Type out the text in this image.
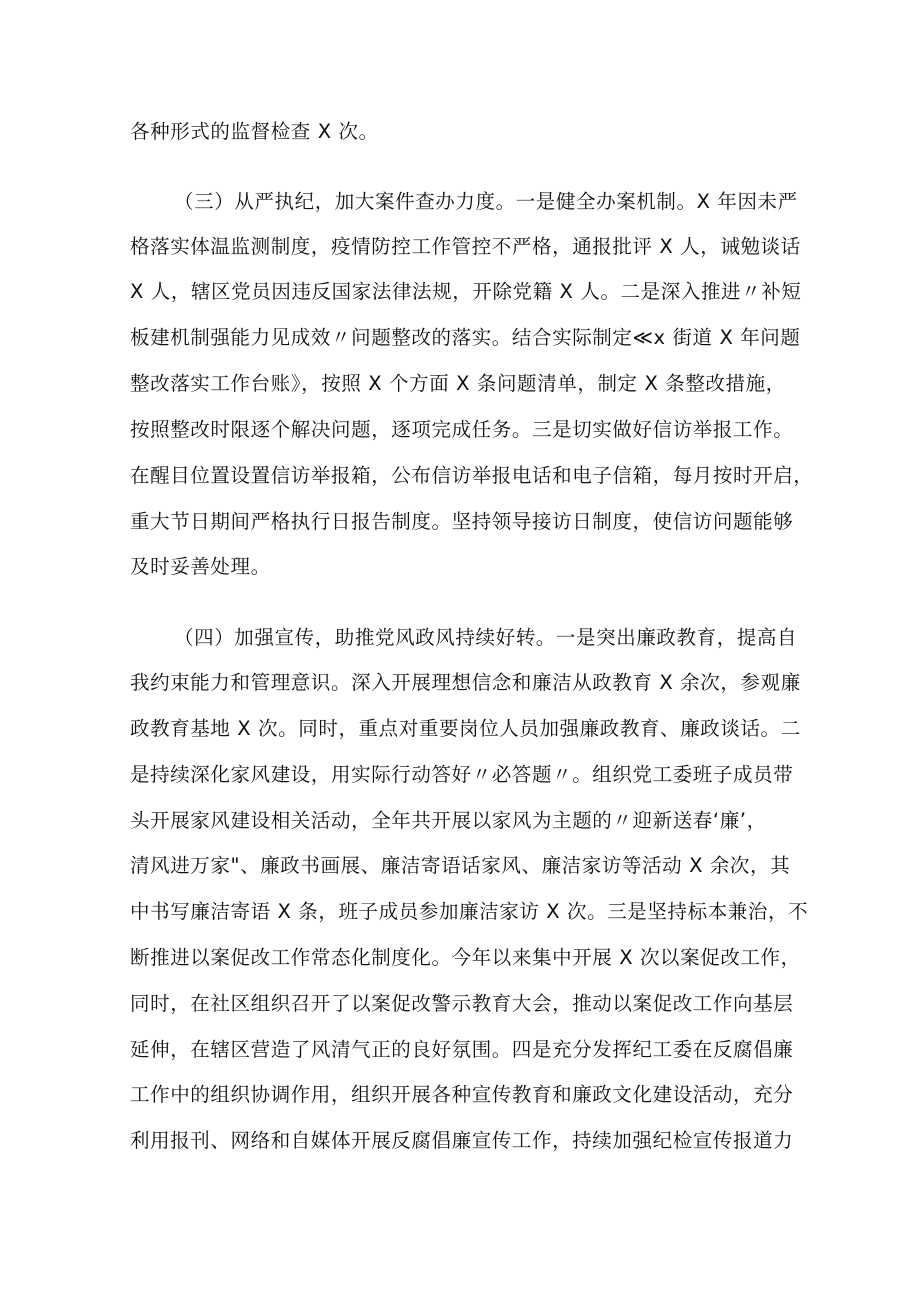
各种形式的监督检查 X 次。
（三）从严执纪，加大案件查办力度。一是健全办案机制。X 年因未严
格落实体温监测制度，疫情防控工作管控不严格，通报批评 X 人，诫勉谈话
X 人，辖区党员因违反国家法律法规，开除党籍 X 人。二是深入推进〃补短
板建机制强能力见成效〃问题整改的落实。结合实际制定≪x 街道 X 年问题
整改落实工作台账》，按照 X 个方面 X 条问题清单，制定 X 条整改措施，
按照整改时限逐个解决问题，逐项完成任务。三是切实做好信访举报工作。
在醒目位置设置信访举报箱，公布信访举报电话和电子信箱，每月按时开启，
重大节日期间严格执行日报告制度。坚持领导接访日制度，使信访问题能够
及时妥善处理。
（四）加强宣传，助推党风政风持续好转。一是突出廉政教育，提高自
我约束能力和管理意识。深入开展理想信念和廉洁从政教育 X 余次，参观廉
政教育基地 X 次。同时，重点对重要岗位人员加强廉政教育、廉政谈话。二
是持续深化家风建设，用实际行动答好〃必答题〃。组织党工委班子成员带
头开展家风建设相关活动，全年共开展以家风为主题的〃迎新送春‘廉’，
清风进万家"、廉政书画展、廉洁寄语话家风、廉洁家访等活动 X 余次，其
中书写廉洁寄语 X 条，班子成员参加廉洁家访 X 次。三是坚持标本兼治，不
断推进以案促改工作常态化制度化。今年以来集中开展 X 次以案促改工作，
同时，在社区组织召开了以案促改警示教育大会，推动以案促改工作向基层
延伸，在辖区营造了风清气正的良好氛围。四是充分发挥纪工委在反腐倡廉
工作中的组织协调作用，组织开展各种宣传教育和廉政文化建设活动，充分
利用报刊、网络和自媒体开展反腐倡廉宣传工作，持续加强纪检宣传报道力
